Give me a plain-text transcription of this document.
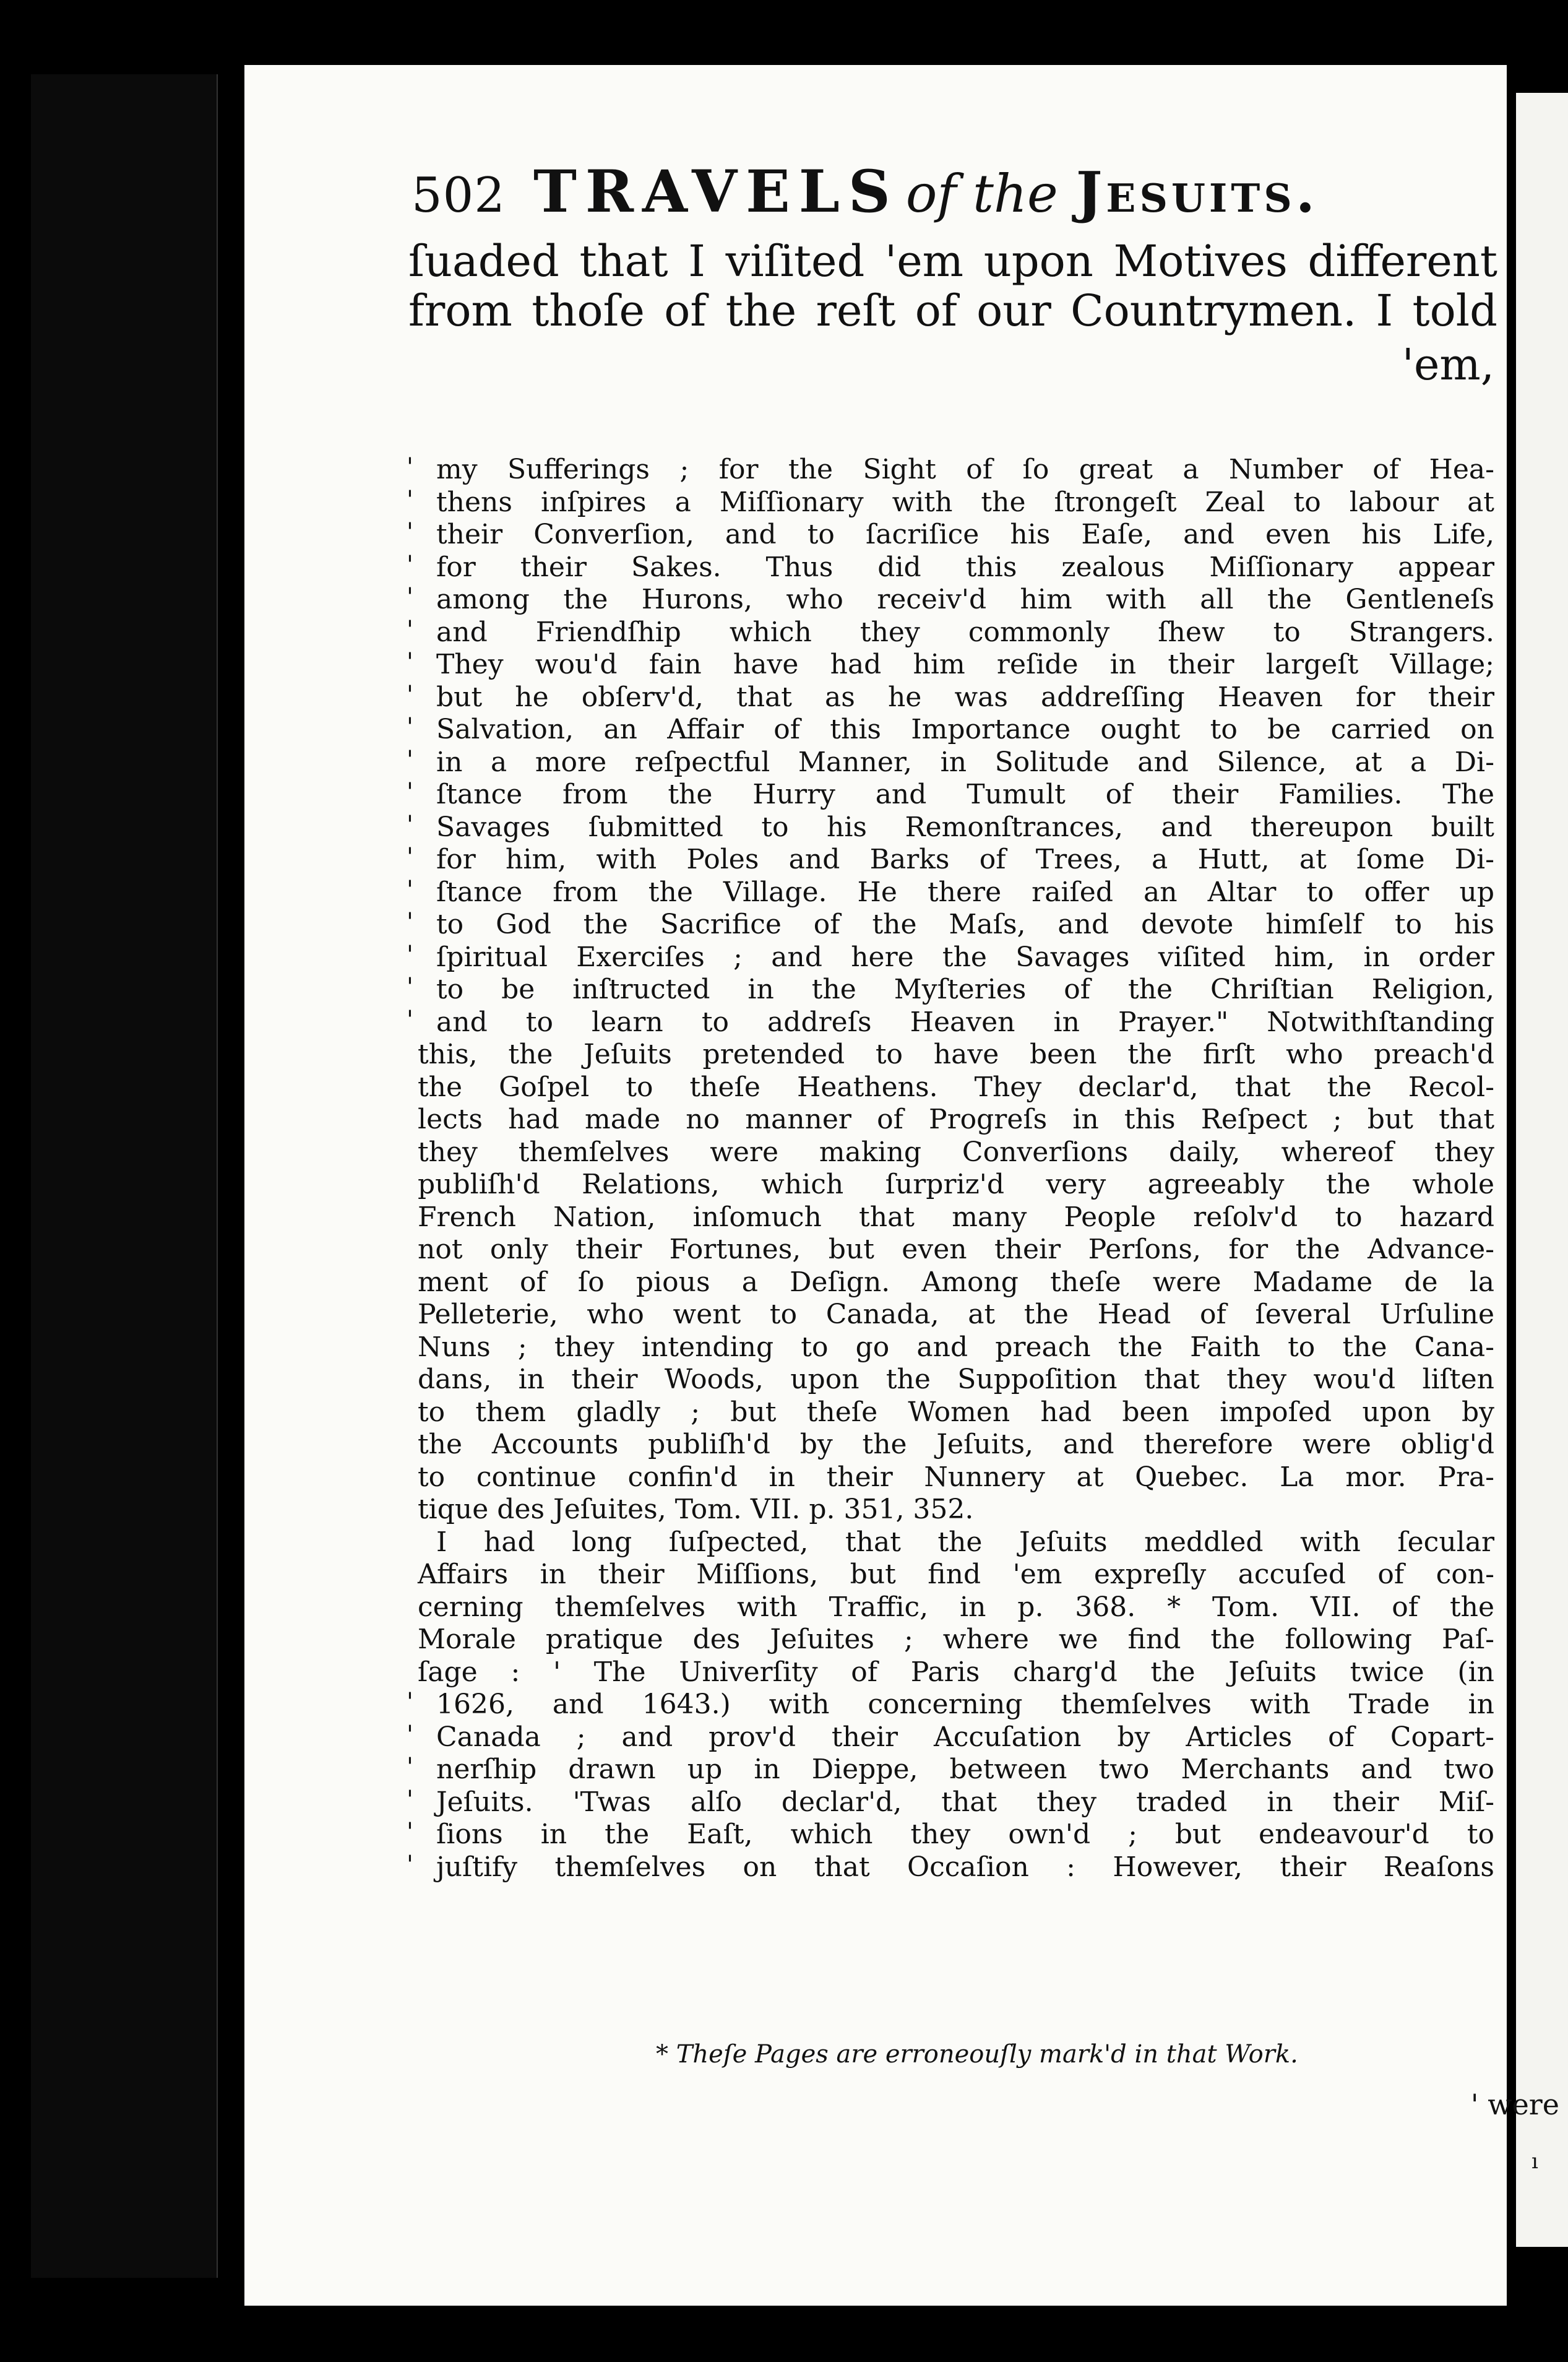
502 TRAVELS of the Jesuits.
ſuaded that I viſited 'em upon Motives different
from thoſe of the reſt of our Countrymen. I told
'em,
' my Sufferings ; for the Sight of ſo great a Number of Hea-
' thens inſpires a Miſſionary with the ſtrongeſt Zeal to labour at
' their Converſion, and to ſacriſice his Eaſe, and even his Life,
' for their Sakes. Thus did this zealous Miſſionary appear
' among the Hurons, who receiv'd him with all the Gentleneſs
' and Friendſhip which they commonly ſhew to Strangers.
' They wou'd fain have had him reſide in their largeſt Village;
' but he obſerv'd, that as he was addreſſing Heaven for their
' Salvation, an Affair of this Importance ought to be carried on
' in a more reſpectful Manner, in Solitude and Silence, at a Di-
' ſtance from the Hurry and Tumult of their Families. The
' Savages ſubmitted to his Remonſtrances, and thereupon built
' for him, with Poles and Barks of Trees, a Hutt, at ſome Di-
' ſtance from the Village. He there raiſed an Altar to offer up
' to God the Sacrifice of the Maſs, and devote himſelf to his
' ſpiritual Exerciſes ; and here the Savages viſited him, in order
' to be inſtructed in the Myſteries of the Chriſtian Religion,
' and to learn to addreſs Heaven in Prayer." Notwithſtanding
this, the Jeſuits pretended to have been the firſt who preach'd
the Goſpel to theſe Heathens. They declar'd, that the Recol-
lects had made no manner of Progreſs in this Reſpect ; but that
they themſelves were making Converſions daily, whereof they
publiſh'd Relations, which ſurpriz'd very agreeably the whole
French Nation, inſomuch that many People reſolv'd to hazard
not only their Fortunes, but even their Perſons, for the Advance-
ment of ſo pious a Deſign. Among theſe were Madame de la
Pelleterie, who went to Canada, at the Head of ſeveral Urſuline
Nuns ; they intending to go and preach the Faith to the Cana-
dans, in their Woods, upon the Suppoſition that they wou'd liſten
to them gladly ; but theſe Women had been impoſed upon by
the Accounts publiſh'd by the Jeſuits, and therefore were oblig'd
to continue confin'd in their Nunnery at Quebec. La mor. Pra-
tique des Jeſuites, Tom. VII. p. 351, 352.
I had long ſuſpected, that the Jeſuits meddled with ſecular
Affairs in their Miſſions, but find 'em expreſly accuſed of con-
cerning themſelves with Traffic, in p. 368. * Tom. VII. of the
Morale pratique des Jeſuites ; where we find the following Paſ-
ſage : ' The Univerſity of Paris charg'd the Jeſuits twice (in
' 1626, and 1643.) with concerning themſelves with Trade in
' Canada ; and prov'd their Accuſation by Articles of Copart-
' nerſhip drawn up in Dieppe, between two Merchants and two
' Jeſuits. 'Twas alſo declar'd, that they traded in their Miſ-
' ſions in the Eaſt, which they own'd ; but endeavour'd to
' juſtify themſelves on that Occaſion : However, their Reaſons
* Theſe Pages are erroneouſly mark'd in that Work.
' were
ı
